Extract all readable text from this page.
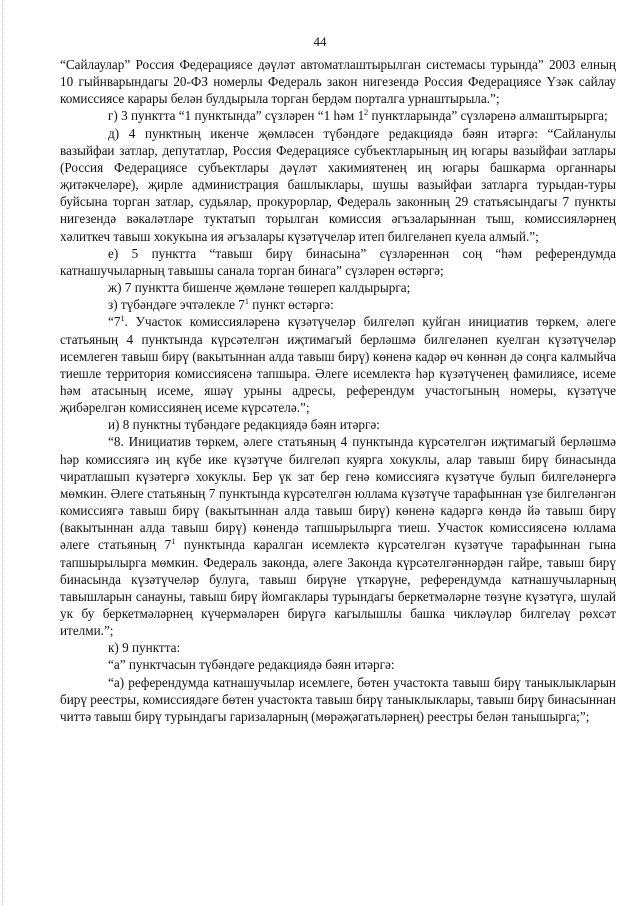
44

“Сайлаулар” Россия Федерациясе дәүләт автоматлаштырылган системасы турында” 2003 елның 10 гыйнварындагы 20-ФЗ номерлы Федераль закон нигезендә Россия Федерациясе Үзәк сайлау комиссиясе карары белән булдырыла торган бердәм порталга урнаштырыла.”;

г) 3 пунктта “1 пунктында” сүзләрен “1 һәм $1^2$ пунктларында” сүзләренә алмаштырырга;

д) 4 пунктның икенче җөмләсен түбәндәге редакциядә бәян итәргә: “Сайланулы вазыйфаи затлар, депутатлар, Россия Федерациясе субъектларының иң югары вазыйфаи затлары (Россия Федерациясе субъектлары дәүләт хакимиятенең иң югары башкарма органнары җитәкчеләре), җирле администрация башлыклары, шушы вазыйфаи затларга турыдан-туры буйсына торган затлар, судьялар, прокурорлар, Федераль законның 29 статьясындагы 7 пункты нигезендә вәкаләтләре туктатып торылган комиссия әгъзаларыннан тыш, комиссияләрнең хәлиткеч тавыш хокукына ия әгъзалары күзәтүчеләр итеп билгеләнеп куела алмый.”;

е) 5 пунктта “тавыш бирү бинасына” сүзләреннән соң “һәм референдумда катнашучыларның тавышы санала торган бинага” сүзләрен өстәргә;

ж) 7 пунктта бишенче җөмләне төшереп калдырырга;

з) түбәндәге эчтәлекле $7^1$ пункт өстәргә:

“$7^1$. Участок комиссияләренә күзәтүчеләр билгеләп куйган инициатив төркем, әлеге статьяның 4 пунктында күрсәтелгән иҗтимагый берләшмә билгеләнеп куелган күзәтүчеләр исемлеген тавыш бирү (вакытыннан алда тавыш бирү) көненә кадәр өч көннән дә соңга калмыйча тиешле территория комиссиясенә тапшыра. Әлеге исемлектә һәр күзәтүченең фамилиясе, исеме һәм атасының исеме, яшәү урыны адресы, референдум участогының номеры, күзәтүче җибәрелгән комиссиянең исеме күрсәтелә.”;

и) 8 пунктны түбәндәге редакциядә бәян итәргә:

“8. Инициатив төркем, әлеге статьяның 4 пунктында күрсәтелгән иҗтимагый берләшмә һәр комиссиягә иң күбе ике күзәтүче билгеләп куярга хокуклы, алар тавыш бирү бинасында чиратлашып күзәтергә хокуклы. Бер үк зат бер генә комиссиягә күзәтүче булып билгеләнергә мөмкин. Әлеге статьяның 7 пунктында күрсәтелгән юллама күзәтүче тарафыннан үзе билгеләнгән комиссиягә тавыш бирү (вакытыннан алда тавыш бирү) көненә кадәргә көндә йә тавыш бирү (вакытыннан алда тавыш бирү) көнендә тапшырылырга тиеш. Участок комиссиясенә юллама әлеге статьяның $7^1$ пунктында каралган исемлектә күрсәтелгән күзәтүче тарафыннан гына тапшырылырга мөмкин. Федераль законда, әлеге Законда күрсәтелгәннәрдән гайре, тавыш бирү бинасында күзәтүчеләр булуга, тавыш бирүне үткәрүне, референдумда катнашучыларның тавышларын санауны, тавыш бирү йомгаклары турындагы беркетмәләрне төзүне күзәтүгә, шулай ук бу беркетмәләрнең күчермәләрен бирүгә кагылышлы башка чикләүләр билгеләү рөхсәт ителми.”;

к) 9 пунктта:

“а” пунктчасын түбәндәге редакциядә бәян итәргә:

“а) референдумда катнашучылар исемлеге, бөтен участокта тавыш бирү таныклыкларын бирү реестры, комиссиядәге бөтен участокта тавыш бирү таныклыклары, тавыш бирү бинасыннан читтә тавыш бирү турындагы гаризаларның (мөрәҗәгатьләрнең) реестры белән танышырга;”;
